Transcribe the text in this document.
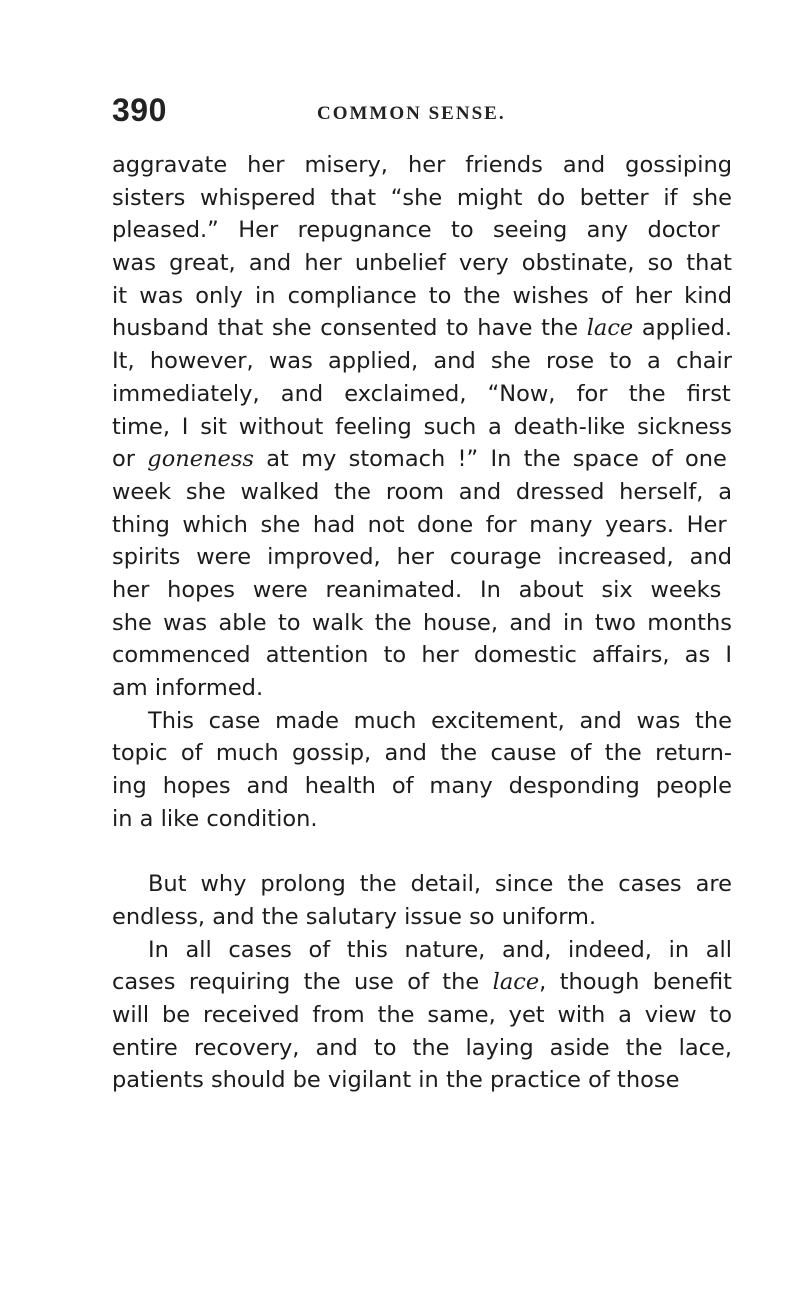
390	COMMON SENSE.
aggravate her misery, her friends and gossiping
sisters whispered that “she might do better if she
pleased.” Her repugnance to seeing any doctor
was great, and her unbelief very obstinate, so that
it was only in compliance to the wishes of her kind
husband that she consented to have the lace applied.
It, however, was applied, and she rose to a chair
immediately, and exclaimed, “Now, for the first
time, I sit without feeling such a death-like sickness
or goneness at my stomach !” In the space of one
week she walked the room and dressed herself, a
thing which she had not done for many years. Her
spirits were improved, her courage increased, and
her hopes were reanimated. In about six weeks
she was able to walk the house, and in two months
commenced attention to her domestic affairs, as I
am informed.
This case made much excitement, and was the
topic of much gossip, and the cause of the return-
ing hopes and health of many desponding people
in a like condition.
But why prolong the detail, since the cases are
endless, and the salutary issue so uniform.
In all cases of this nature, and, indeed, in all
cases requiring the use of the lace, though benefit
will be received from the same, yet with a view to
entire recovery, and to the laying aside the lace,
patients should be vigilant in the practice of those
